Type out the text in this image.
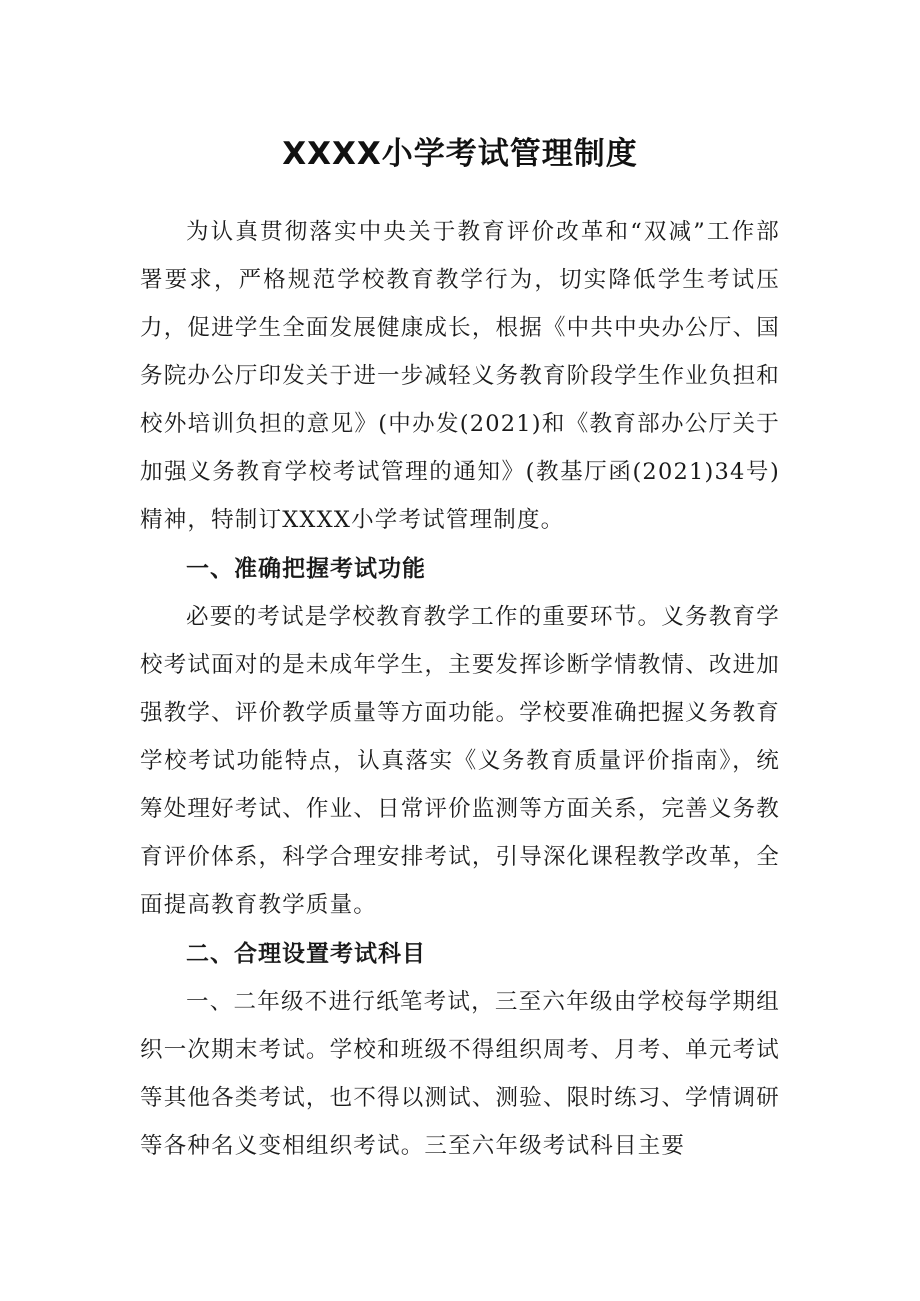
XXXX小学考试管理制度

为认真贯彻落实中央关于教育评价改革和“双减”工作部署要求，严格规范学校教育教学行为，切实降低学生考试压力，促进学生全面发展健康成长，根据《中共中央办公厅、国务院办公厅印发关于进一步减轻义务教育阶段学生作业负担和校外培训负担的意见》(中办发(2021)和《教育部办公厅关于加强义务教育学校考试管理的通知》(教基厅函(2021)34号)精神，特制订XXXX小学考试管理制度。

一、准确把握考试功能

必要的考试是学校教育教学工作的重要环节。义务教育学校考试面对的是未成年学生，主要发挥诊断学情教情、改进加强教学、评价教学质量等方面功能。学校要准确把握义务教育学校考试功能特点，认真落实《义务教育质量评价指南》，统筹处理好考试、作业、日常评价监测等方面关系，完善义务教育评价体系，科学合理安排考试，引导深化课程教学改革，全面提高教育教学质量。

二、合理设置考试科目

一、二年级不进行纸笔考试，三至六年级由学校每学期组织一次期末考试。学校和班级不得组织周考、月考、单元考试等其他各类考试，也不得以测试、测验、限时练习、学情调研等各种名义变相组织考试。三至六年级考试科目主要
